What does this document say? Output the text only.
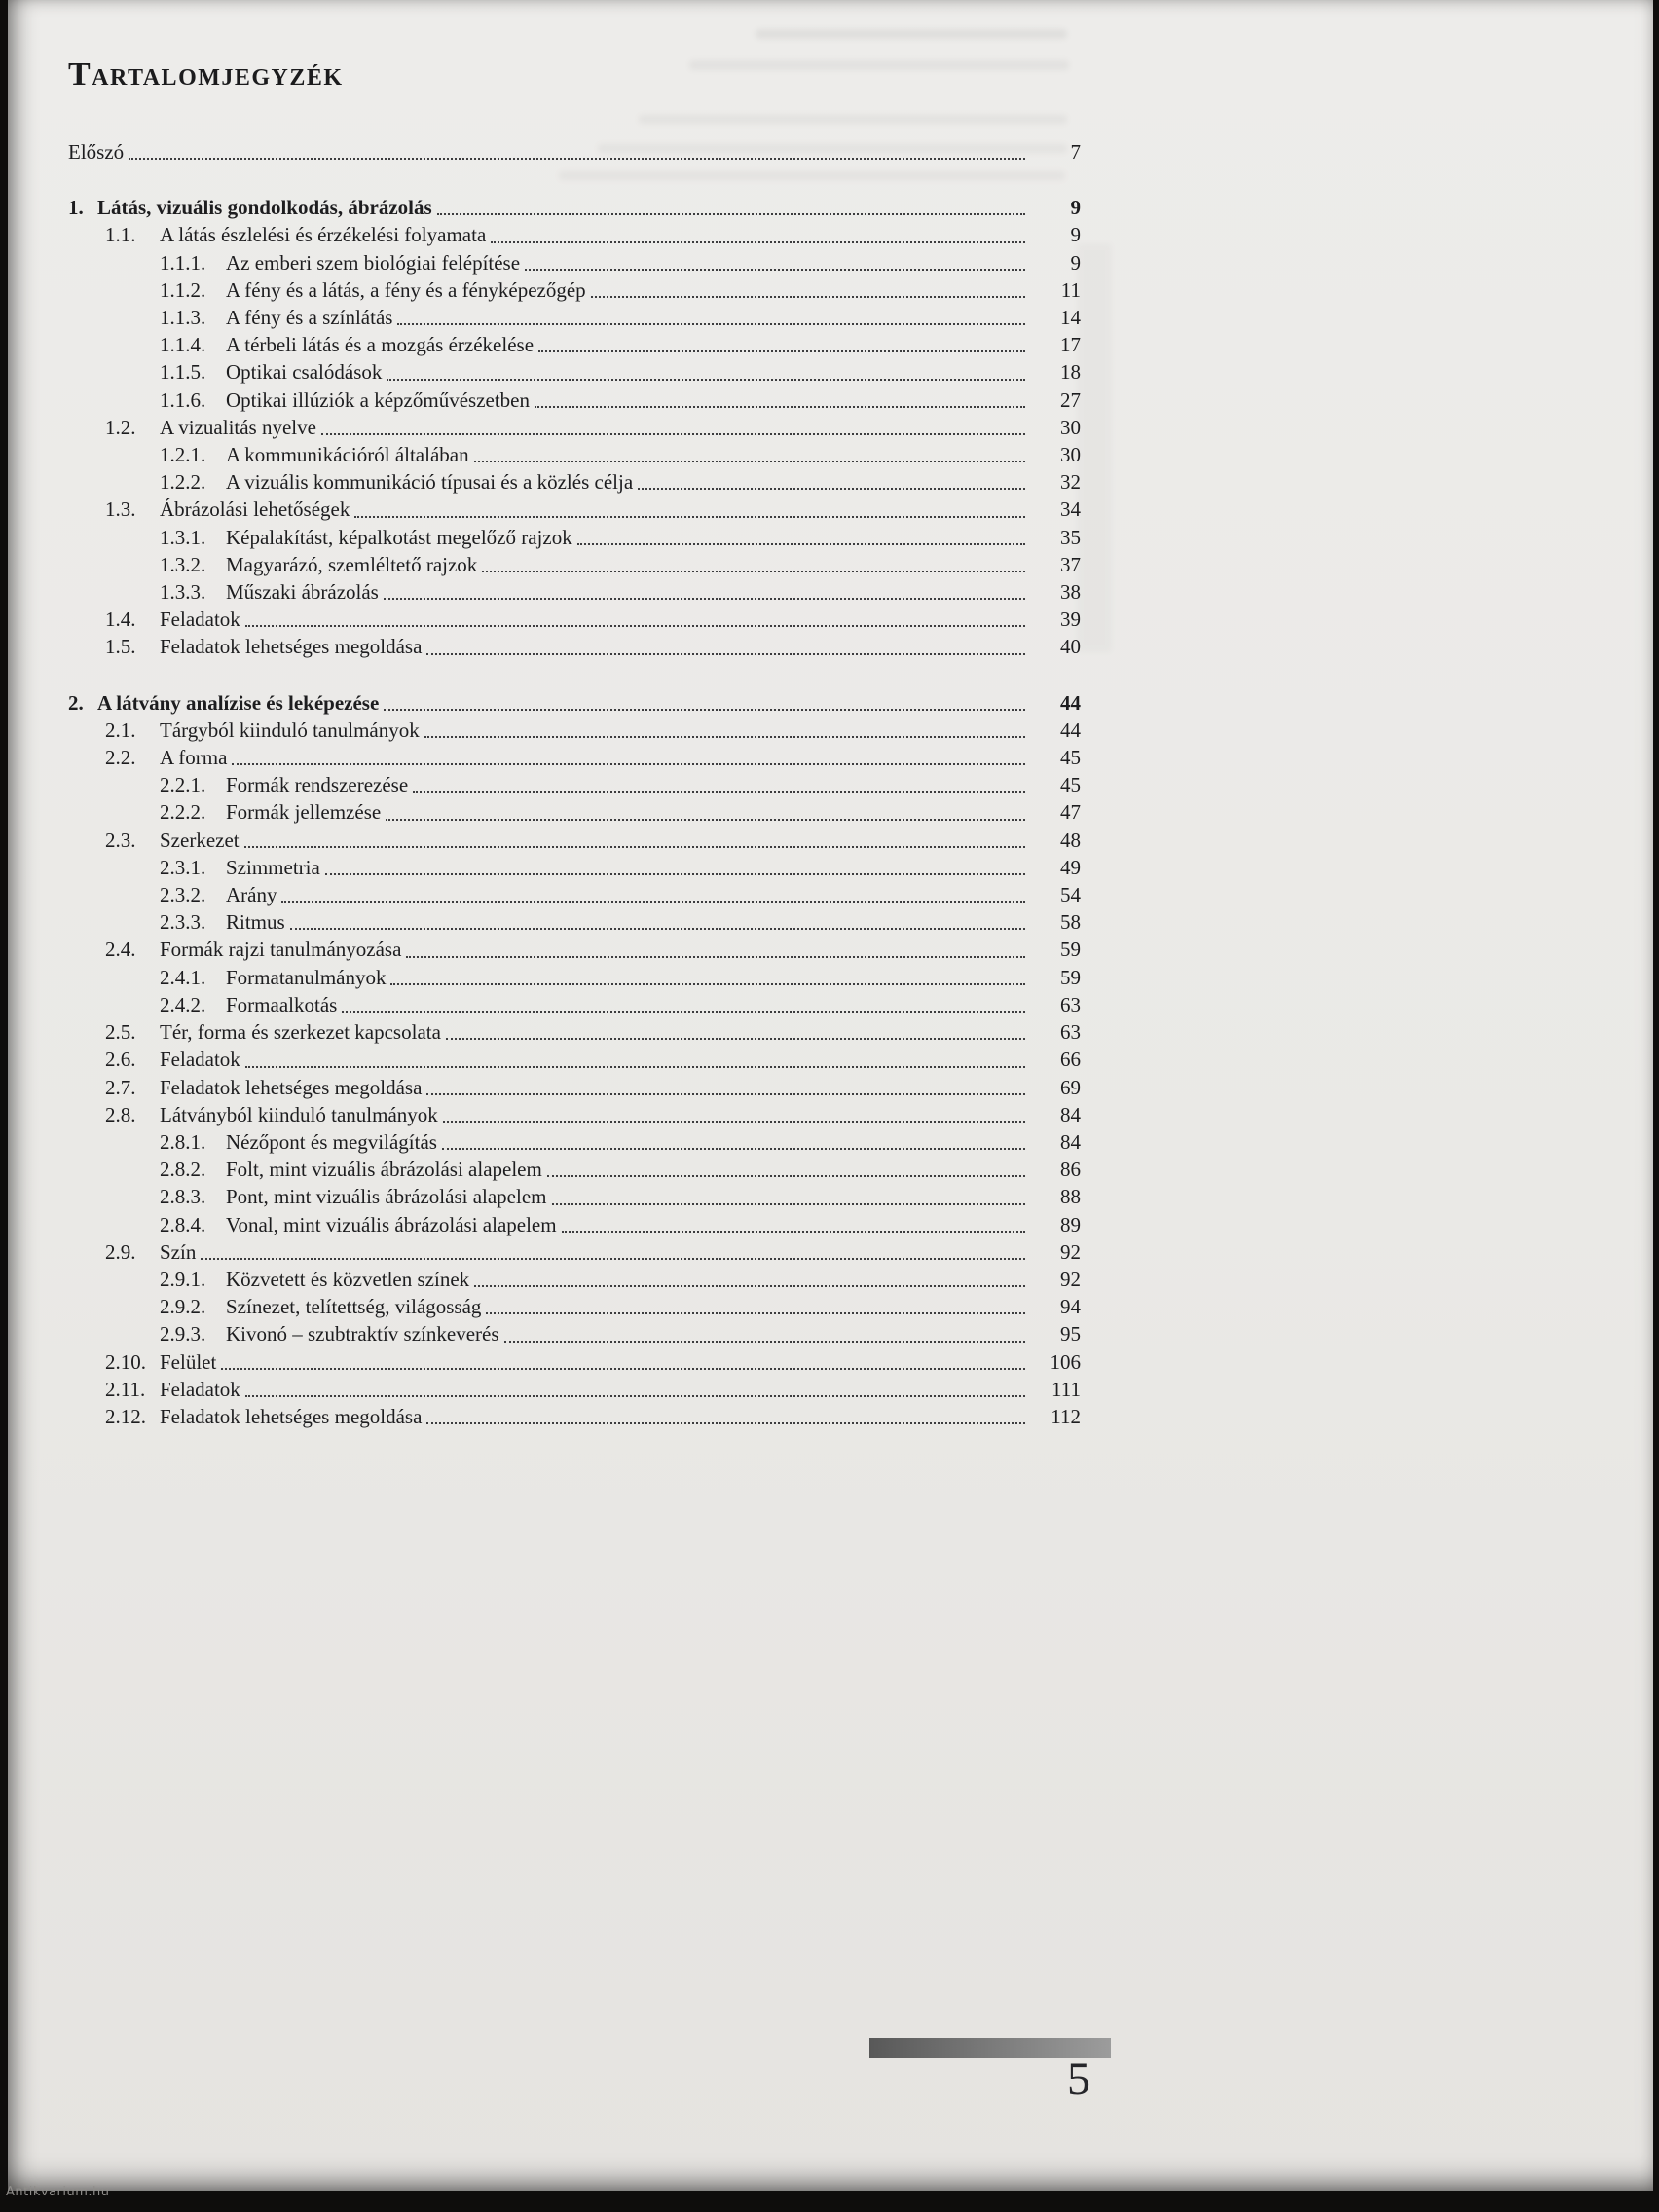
Tartalomjegyzék
Előszó	7
1. Látás, vizuális gondolkodás, ábrázolás	9
1.1.	A látás észlelési és érzékelési folyamata	9
1.1.1. Az emberi szem biológiai felépítése	9
1.1.2. A fény és a látás, a fény és a fényképezőgép	11
1.1.3. A fény és a színlátás	14
1.1.4. A térbeli látás és a mozgás érzékelése	17
1.1.5. Optikai csalódások	18
1.1.6. Optikai illúziók a képzőművészetben	27
1.2.	A vizualitás nyelve	30
1.2.1. A kommunikációról általában	30
1.2.2. A vizuális kommunikáció típusai és a közlés célja	32
1.3.	Ábrázolási lehetőségek	34
1.3.1. Képalakítást, képalkotást megelőző rajzok	35
1.3.2. Magyarázó, szemléltető rajzok	37
1.3.3. Műszaki ábrázolás	38
1.4.	Feladatok	39
1.5.	Feladatok lehetséges megoldása	40
2. A látvány analízise és leképezése	44
2.1.	Tárgyból kiinduló tanulmányok	44
2.2.	A forma	45
2.2.1. Formák rendszerezése	45
2.2.2. Formák jellemzése	47
2.3.	Szerkezet	48
2.3.1. Szimmetria	49
2.3.2. Arány	54
2.3.3. Ritmus	58
2.4.	Formák rajzi tanulmányozása	59
2.4.1. Formatanulmányok	59
2.4.2. Formaalkotás	63
2.5.	Tér, forma és szerkezet kapcsolata	63
2.6.	Feladatok	66
2.7.	Feladatok lehetséges megoldása	69
2.8.	Látványból kiinduló tanulmányok	84
2.8.1. Nézőpont és megvilágítás	84
2.8.2. Folt, mint vizuális ábrázolási alapelem	86
2.8.3. Pont, mint vizuális ábrázolási alapelem	88
2.8.4. Vonal, mint vizuális ábrázolási alapelem	89
2.9.	Szín	92
2.9.1. Közvetett és közvetlen színek	92
2.9.2. Színezet, telítettség, világosság	94
2.9.3. Kivonó – szubtraktív színkeverés	95
2.10. Felület	106
2.11. Feladatok	111
2.12. Feladatok lehetséges megoldása	112
5
Antikvarium.hu
